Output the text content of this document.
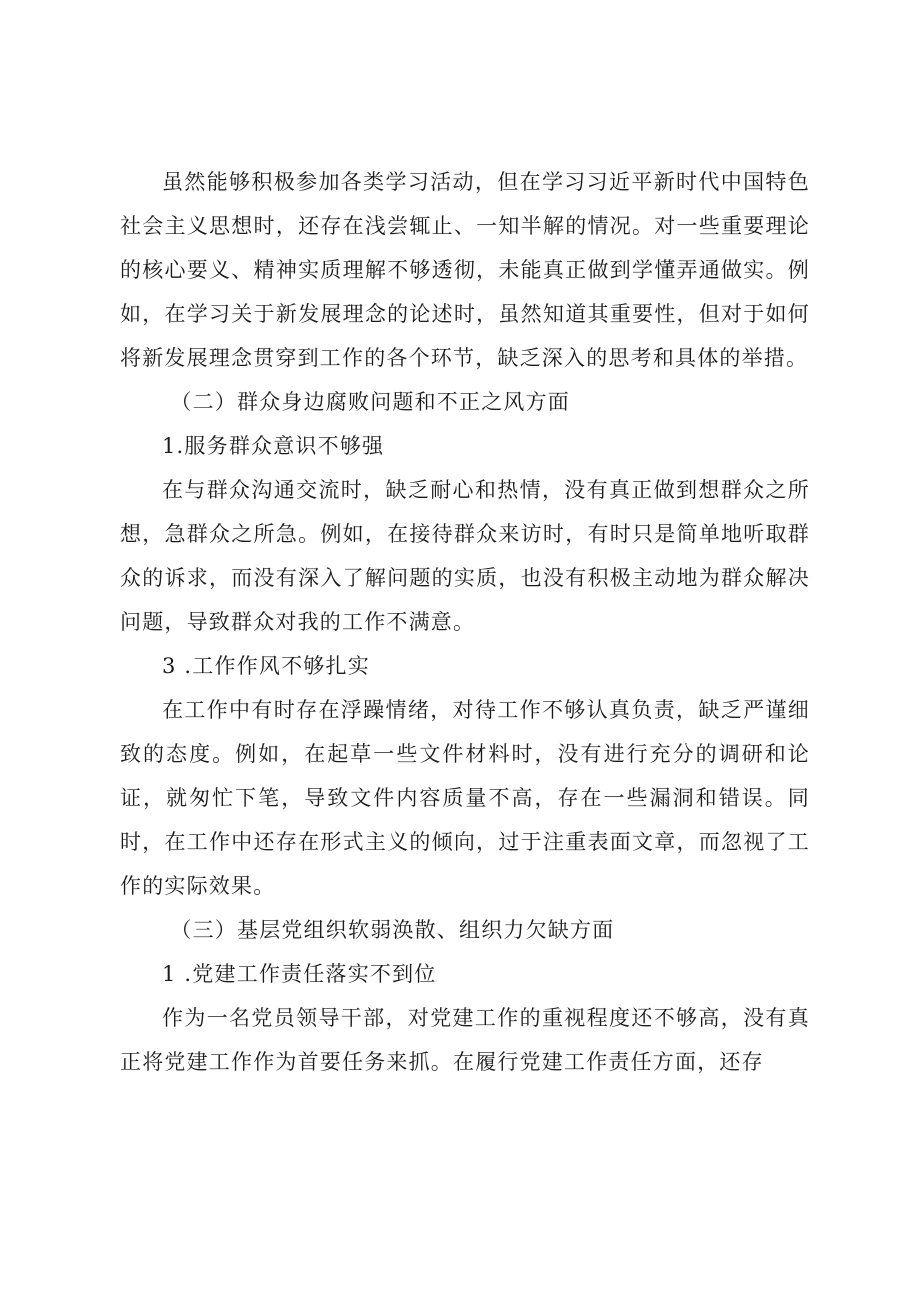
虽然能够积极参加各类学习活动，但在学习习近平新时代中国特色社会主义思想时，还存在浅尝辄止、一知半解的情况。对一些重要理论的核心要义、精神实质理解不够透彻，未能真正做到学懂弄通做实。例如，在学习关于新发展理念的论述时，虽然知道其重要性，但对于如何将新发展理念贯穿到工作的各个环节，缺乏深入的思考和具体的举措。

（二）群众身边腐败问题和不正之风方面

1.服务群众意识不够强

在与群众沟通交流时，缺乏耐心和热情，没有真正做到想群众之所想，急群众之所急。例如，在接待群众来访时，有时只是简单地听取群众的诉求，而没有深入了解问题的实质，也没有积极主动地为群众解决问题，导致群众对我的工作不满意。

3 .工作作风不够扎实

在工作中有时存在浮躁情绪，对待工作不够认真负责，缺乏严谨细致的态度。例如，在起草一些文件材料时，没有进行充分的调研和论证，就匆忙下笔，导致文件内容质量不高，存在一些漏洞和错误。同时，在工作中还存在形式主义的倾向，过于注重表面文章，而忽视了工作的实际效果。

（三）基层党组织软弱涣散、组织力欠缺方面

1 .党建工作责任落实不到位

作为一名党员领导干部，对党建工作的重视程度还不够高，没有真正将党建工作作为首要任务来抓。在履行党建工作责任方面，还存
